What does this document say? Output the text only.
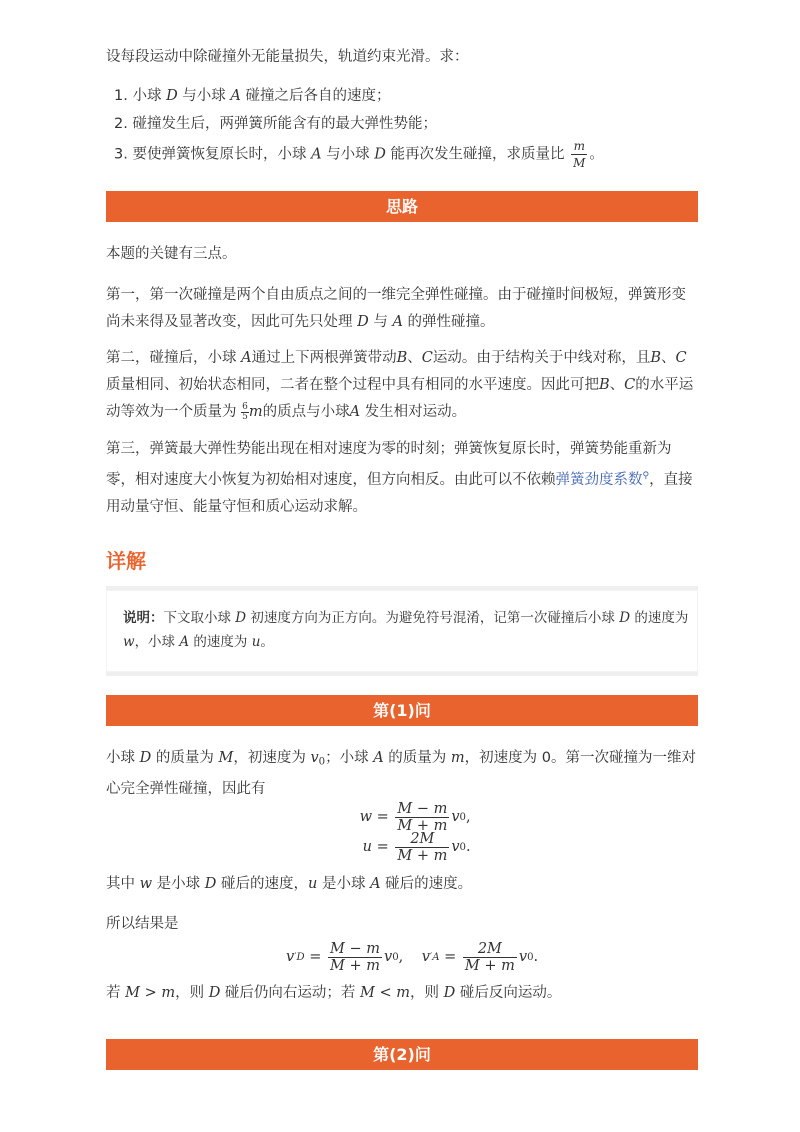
设每段运动中除碰撞外无能量损失，轨道约束光滑。求：

1. 小球 D 与小球 A 碰撞之后各自的速度；
2. 碰撞发生后，两弹簧所能含有的最大弹性势能；
3. 要使弹簧恢复原长时，小球 A 与小球 D 能再次发生碰撞，求质量比 $\frac{m}{M}$ 。
思路

本题的关键有三点。

第一，第一次碰撞是两个自由质点之间的一维完全弹性碰撞。由于碰撞时间极短，弹簧形变尚未来得及显著改变，因此可先只处理 D 与 A 的弹性碰撞。

第二，碰撞后，小球 A通过上下两根弹簧带动B、C运动。由于结构关于中线对称，且B、C 质量相同、初始状态相同，二者在整个过程中具有相同的水平速度。因此可把B、C的水平运动等效为一个质量为 $\frac{6}{5}$ m的质点与小球A 发生相对运动。

第三，弹簧最大弹性势能出现在相对速度为零的时刻；弹簧恢复原长时，弹簧势能重新为零，相对速度大小恢复为初始相对速度，但方向相反。由此可以不依赖弹簧劲度系数⚲，直接用动量守恒、能量守恒和质心运动求解。

详解
说明：下文取小球 D 初速度方向为正方向。为避免符号混淆，记第一次碰撞后小球 D 的速度为 w，小球 A 的速度为 u。
第(1)问

小球 D 的质量为 M，初速度为 $v_0$；小球 A 的质量为 m，初速度为 0。第一次碰撞为一维对心完全弹性碰撞，因此有

$w = \frac{M - m}{M + m}$ v 0 ,
$u = \frac{2M}{M + m}$ v 0 .

其中 w 是小球 D 碰后的速度，u 是小球 A 碰后的速度。

所以结果是

v ′ $D = \frac{M - m}{M + m}$ v 0 ,
v ′ $A = \frac{2M}{M + m}$ v 0 .

若 M > m，则 D 碰后仍向右运动；若 M < m，则 D 碰后反向运动。

第(2)问
